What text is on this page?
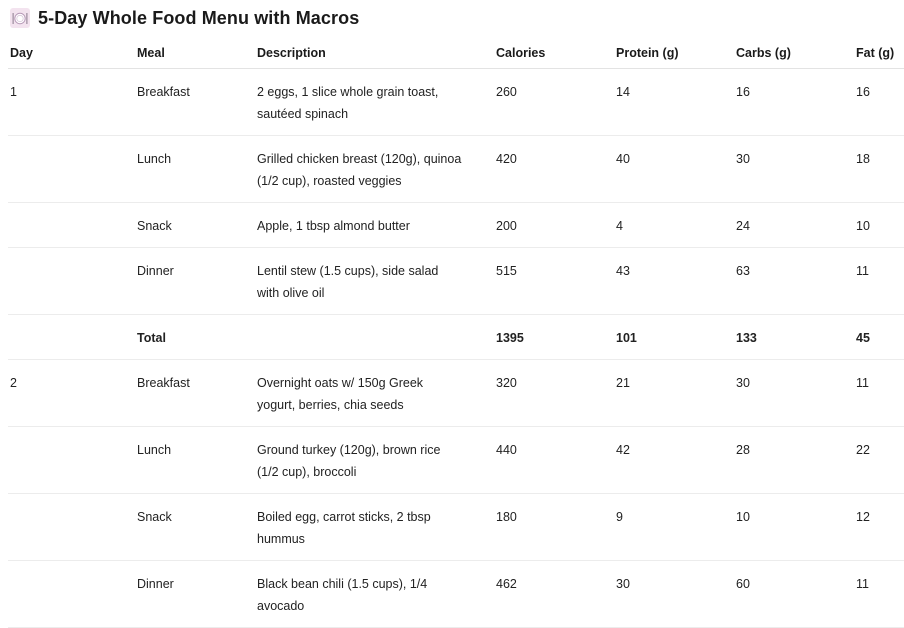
5-Day Whole Food Menu with Macros
Day	Meal	Description	Calories	Protein (g)	Carbs (g)	Fat (g)
1	Breakfast	2 eggs, 1 slice whole grain toast, sautéed spinach	260	14	16	16
	Lunch	Grilled chicken breast (120g), quinoa (1/2 cup), roasted veggies	420	40	30	18
	Snack	Apple, 1 tbsp almond butter	200	4	24	10
	Dinner	Lentil stew (1.5 cups), side salad with olive oil	515	43	63	11
	Total		1395	101	133	45
2	Breakfast	Overnight oats w/ 150g Greek yogurt, berries, chia seeds	320	21	30	11
	Lunch	Ground turkey (120g), brown rice (1/2 cup), broccoli	440	42	28	22
	Snack	Boiled egg, carrot sticks, 2 tbsp hummus	180	9	10	12
	Dinner	Black bean chili (1.5 cups), 1/4 avocado	462	30	60	11
